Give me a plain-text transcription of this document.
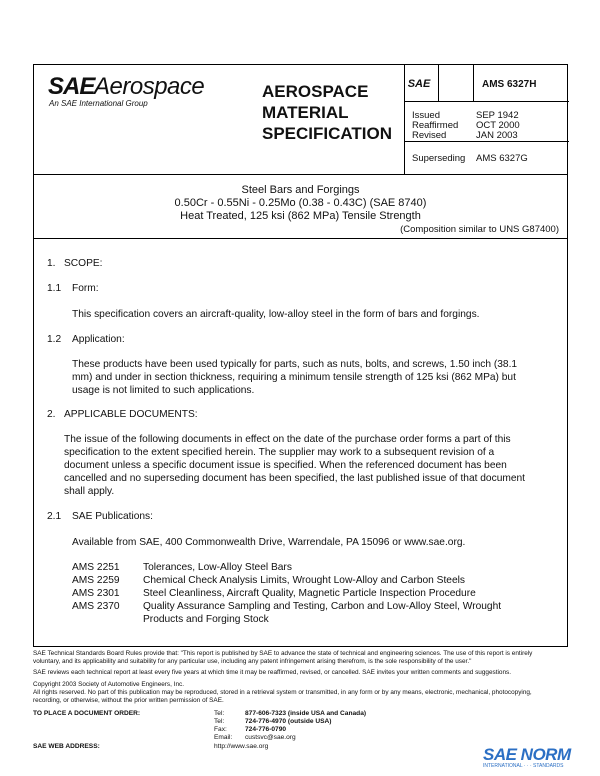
SAE Aerospace
An SAE International Group
AEROSPACE
MATERIAL
SPECIFICATION
SAE	AMS 6327H
Issued	SEP 1942
Reaffirmed OCT 2000
Revised	JAN 2003
Superseding AMS 6327G
Steel Bars and Forgings
0.50Cr - 0.55Ni - 0.25Mo (0.38 - 0.43C) (SAE 8740)
Heat Treated, 125 ksi (862 MPa) Tensile Strength
(Composition similar to UNS G87400)
1. SCOPE:
1.1 Form:
This specification covers an aircraft-quality, low-alloy steel in the form of bars and forgings.
1.2 Application:
These products have been used typically for parts, such as nuts, bolts, and screws, 1.50 inch (38.1
mm) and under in section thickness, requiring a minimum tensile strength of 125 ksi (862 MPa) but
usage is not limited to such applications.
2. APPLICABLE DOCUMENTS:
The issue of the following documents in effect on the date of the purchase order forms a part of this
specification to the extent specified herein. The supplier may work to a subsequent revision of a
document unless a specific document issue is specified. When the referenced document has been
cancelled and no superseding document has been specified, the last published issue of that document
shall apply.
2.1 SAE Publications:
Available from SAE, 400 Commonwealth Drive, Warrendale, PA 15096 or www.sae.org.
AMS 2251 Tolerances, Low-Alloy Steel Bars
AMS 2259 Chemical Check Analysis Limits, Wrought Low-Alloy and Carbon Steels
AMS 2301 Steel Cleanliness, Aircraft Quality, Magnetic Particle Inspection Procedure
AMS 2370 Quality Assurance Sampling and Testing, Carbon and Low-Alloy Steel, Wrought
Products and Forging Stock
SAE Technical Standards Board Rules provide that: "This report is published by SAE to advance the state of technical and engineering sciences. The use of this report is entirely
voluntary, and its applicability and suitability for any particular use, including any patent infringement arising therefrom, is the sole responsibility of the user."
SAE reviews each technical report at least every five years at which time it may be reaffirmed, revised, or cancelled. SAE invites your written comments and suggestions.
Copyright 2003 Society of Automotive Engineers, Inc.
All rights reserved. No part of this publication may be reproduced, stored in a retrieval system or transmitted, in any form or by any means, electronic, mechanical, photocopying,
recording, or otherwise, without the prior written permission of SAE.
TO PLACE A DOCUMENT ORDER:	Tel:	877-606-7323 (inside USA and Canada)
Tel:	724-776-4970 (outside USA)
Fax:	724-776-0790
Email: custsvc@sae.org
SAE WEB ADDRESS:	http://www.sae.org	SAE NORM
INTERNATIONAL · · · STANDARDS
